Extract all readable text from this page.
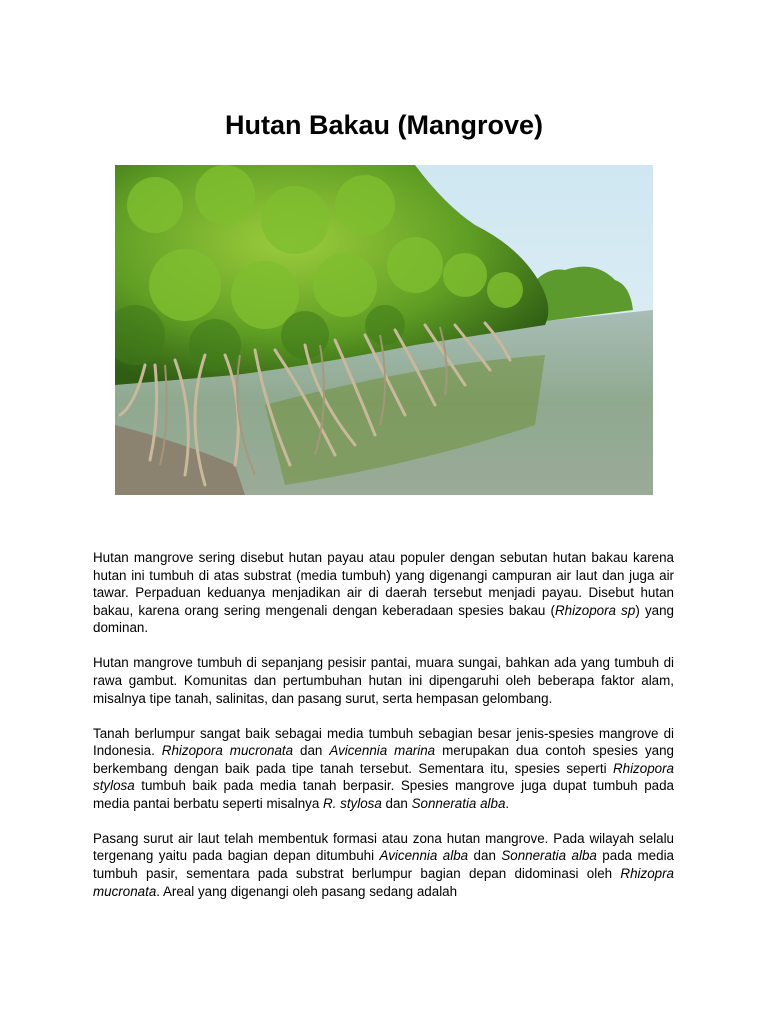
Hutan Bakau (Mangrove)

Hutan mangrove sering disebut hutan payau atau populer dengan sebutan hutan bakau karena hutan ini tumbuh di atas substrat (media tumbuh) yang digenangi campuran air laut dan juga air tawar. Perpaduan keduanya menjadikan air di daerah tersebut menjadi payau. Disebut hutan bakau, karena orang sering mengenali dengan keberadaan spesies bakau (Rhizopora sp) yang dominan.

Hutan mangrove tumbuh di sepanjang pesisir pantai, muara sungai, bahkan ada yang tumbuh di rawa gambut. Komunitas dan pertumbuhan hutan ini dipengaruhi oleh beberapa faktor alam, misalnya tipe tanah, salinitas, dan pasang surut, serta hempasan gelombang.

Tanah berlumpur sangat baik sebagai media tumbuh sebagian besar jenis-spesies mangrove di Indonesia. Rhizopora mucronata dan Avicennia marina merupakan dua contoh spesies yang berkembang dengan baik pada tipe tanah tersebut. Sementara itu, spesies seperti Rhizopora stylosa tumbuh baik pada media tanah berpasir. Spesies mangrove juga dupat tumbuh pada media pantai berbatu seperti misalnya R. stylosa dan Sonneratia alba.

Pasang surut air laut telah membentuk formasi atau zona hutan mangrove. Pada wilayah selalu tergenang yaitu pada bagian depan ditumbuhi Avicennia alba dan Sonneratia alba pada media tumbuh pasir, sementara pada substrat berlumpur bagian depan didominasi oleh Rhizopra mucronata. Areal yang digenangi oleh pasang sedang adalah
